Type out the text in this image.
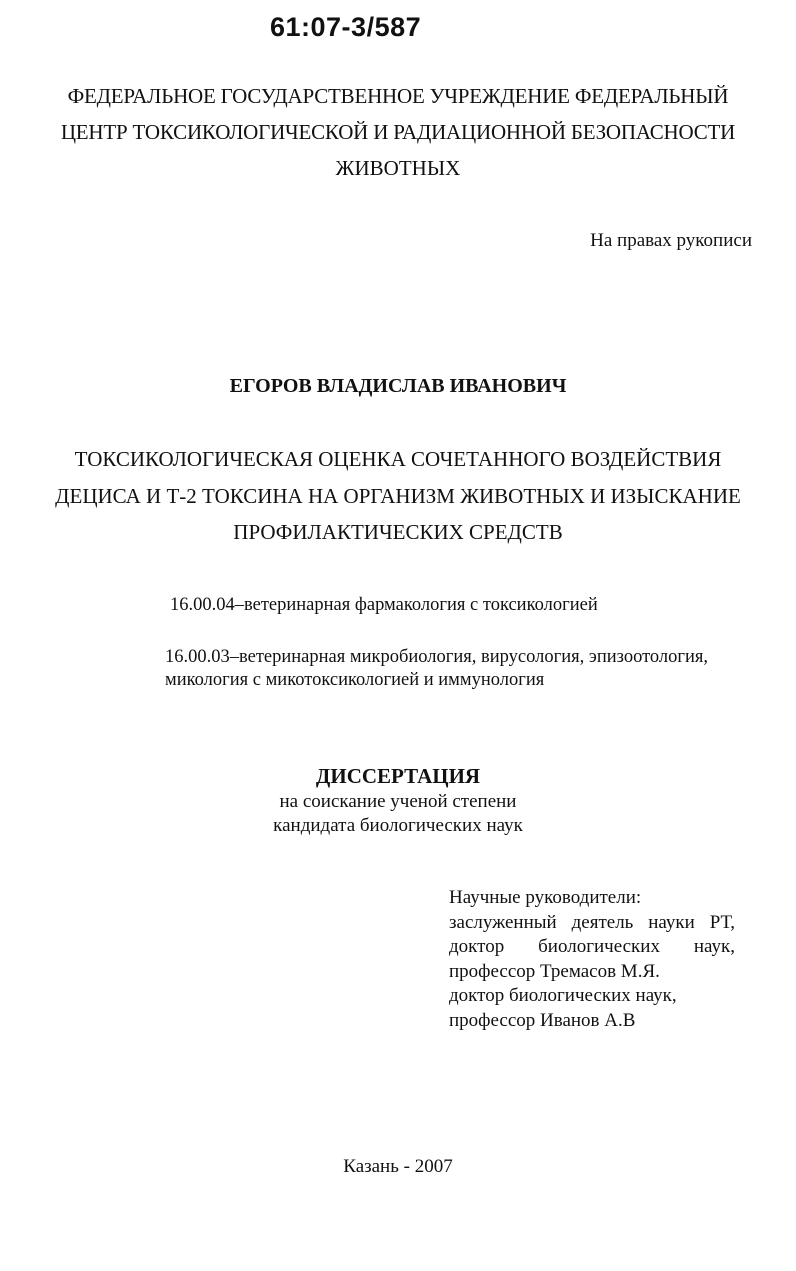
61:07-3/587
ФЕДЕРАЛЬНОЕ ГОСУДАРСТВЕННОЕ УЧРЕЖДЕНИЕ ФЕДЕРАЛЬНЫЙ
ЦЕНТР ТОКСИКОЛОГИЧЕСКОЙ И РАДИАЦИОННОЙ БЕЗОПАСНОСТИ
ЖИВОТНЫХ
На правах рукописи
ЕГОРОВ ВЛАДИСЛАВ ИВАНОВИЧ
ТОКСИКОЛОГИЧЕСКАЯ ОЦЕНКА СОЧЕТАННОГО ВОЗДЕЙСТВИЯ
ДЕЦИСА И Т-2 ТОКСИНА НА ОРГАНИЗМ ЖИВОТНЫХ И ИЗЫСКАНИЕ
ПРОФИЛАКТИЧЕСКИХ СРЕДСТВ
16.00.04–ветеринарная фармакология с токсикологией
16.00.03–ветеринарная микробиология, вирусология, эпизоотология,
микология с микотоксикологией и иммунология
ДИССЕРТАЦИЯ
на соискание ученой степени
кандидата биологических наук
Научные руководители:
заслуженный деятель науки РТ,
доктор биологических наук,
профессор Тремасов М.Я.
доктор биологических наук,
профессор Иванов А.В
Казань - 2007
